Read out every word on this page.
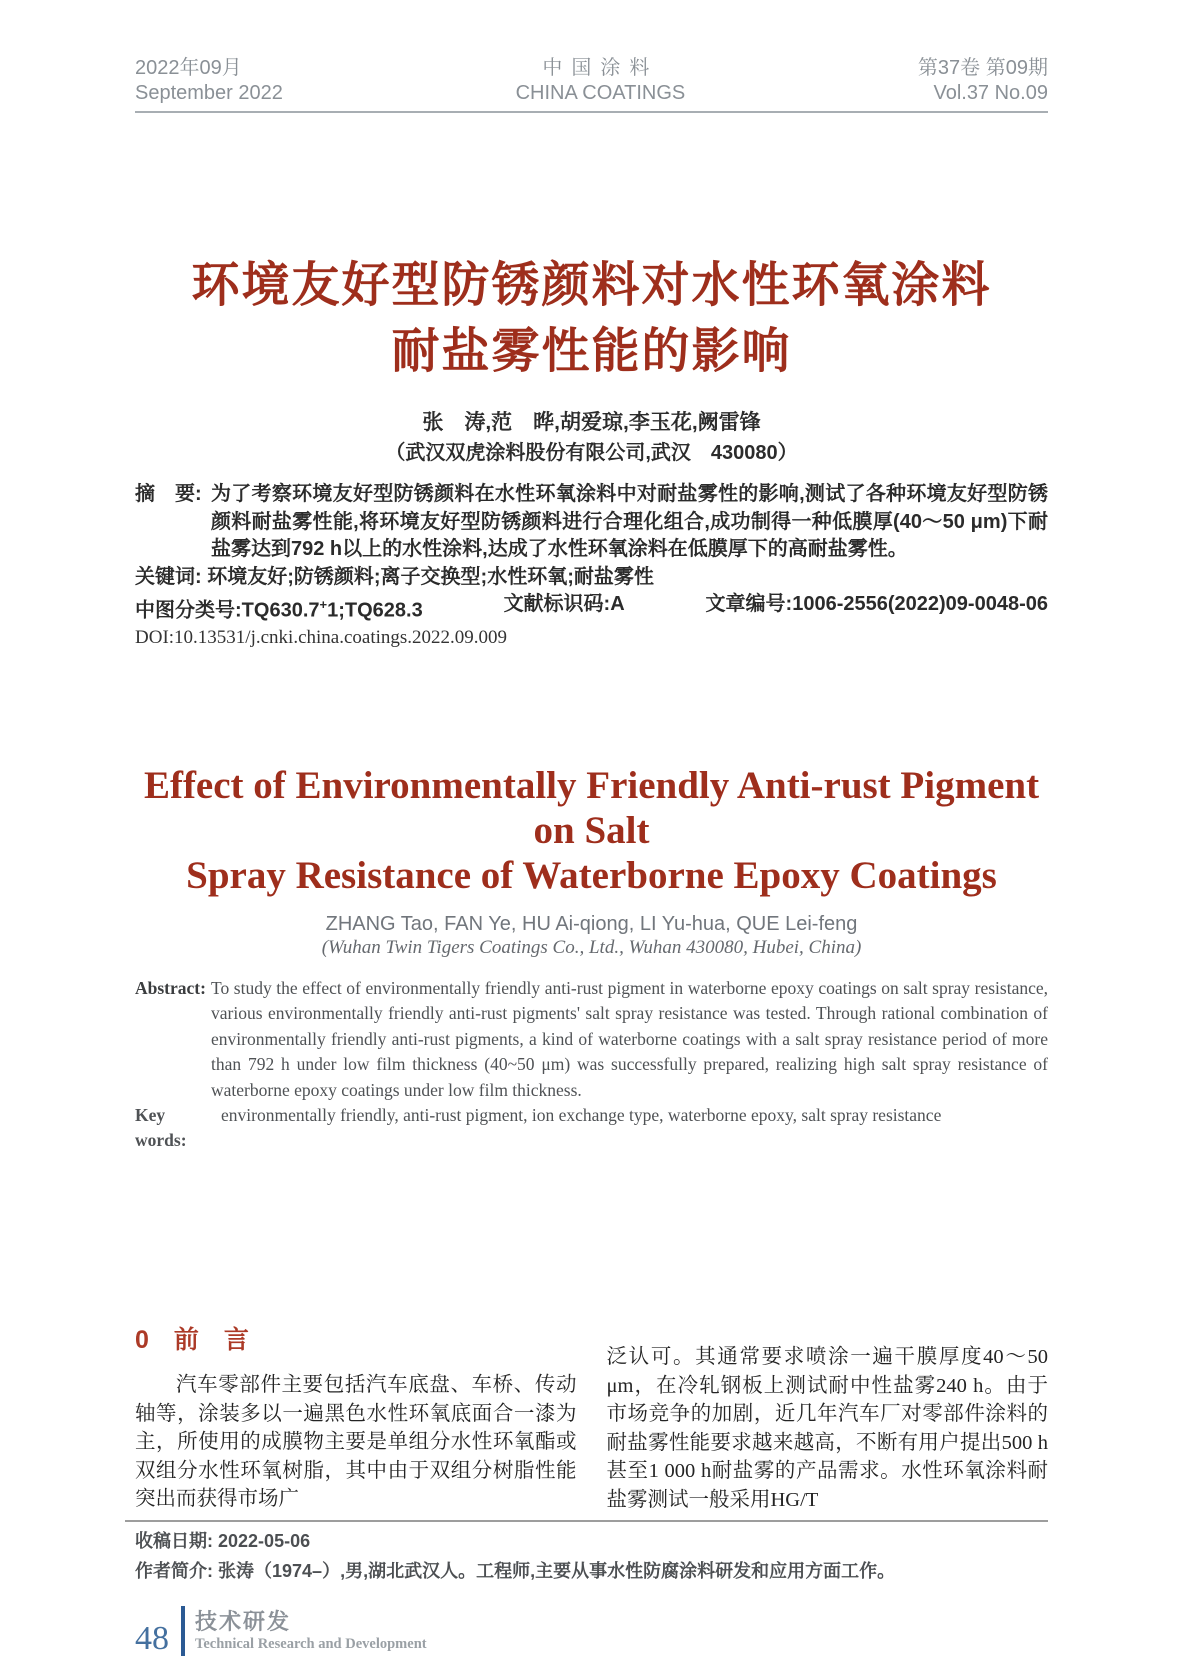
2022年09月
September 2022
中国涂料
CHINA COATINGS
第37卷 第09期
Vol.37 No.09
环境友好型防锈颜料对水性环氧涂料
耐盐雾性能的影响
张　涛,范　晔,胡爱琼,李玉花,阙雷锋
（武汉双虎涂料股份有限公司,武汉　430080）
摘　要: 为了考察环境友好型防锈颜料在水性环氧涂料中对耐盐雾性的影响,测试了各种环境友好型防锈颜料耐盐雾性能,将环境友好型防锈颜料进行合理化组合,成功制得一种低膜厚(40～50 μm)下耐盐雾达到792 h以上的水性涂料,达成了水性环氧涂料在低膜厚下的高耐盐雾性。
关键词: 环境友好;防锈颜料;离子交换型;水性环氧;耐盐雾性
中图分类号:TQ630.7+1;TQ628.3	文献标识码:A	文章编号:1006-2556(2022)09-0048-06
DOI:10.13531/j.cnki.china.coatings.2022.09.009
Effect of Environmentally Friendly Anti-rust Pigment on Salt
Spray Resistance of Waterborne Epoxy Coatings
ZHANG Tao, FAN Ye, HU Ai-qiong, LI Yu-hua, QUE Lei-feng
(Wuhan Twin Tigers Coatings Co., Ltd., Wuhan 430080, Hubei, China)
Abstract: To study the effect of environmentally friendly anti-rust pigment in waterborne epoxy coatings on salt spray resistance, various environmentally friendly anti-rust pigments' salt spray resistance was tested. Through rational combination of environmentally friendly anti-rust pigments, a kind of waterborne coatings with a salt spray resistance period of more than 792 h under low film thickness (40~50 μm) was successfully prepared, realizing high salt spray resistance of waterborne epoxy coatings under low film thickness.
Key words:
environmentally friendly, anti-rust pigment, ion exchange type, waterborne epoxy, salt spray resistance
0　前　言

汽车零部件主要包括汽车底盘、车桥、传动轴等，涂装多以一遍黑色水性环氧底面合一漆为主，所使用的成膜物主要是单组分水性环氧酯或双组分水性环氧树脂，其中由于双组分树脂性能突出而获得市场广

泛认可。其通常要求喷涂一遍干膜厚度40～50 μm，在冷轧钢板上测试耐中性盐雾240 h。由于市场竞争的加剧，近几年汽车厂对零部件涂料的耐盐雾性能要求越来越高，不断有用户提出500 h甚至1 000 h耐盐雾的产品需求。水性环氧涂料耐盐雾测试一般采用HG/T

收稿日期: 2022-05-06
作者简介: 张涛（1974–）,男,湖北武汉人。工程师,主要从事水性防腐涂料研发和应用方面工作。
48 技术研发
Technical Research and Development
